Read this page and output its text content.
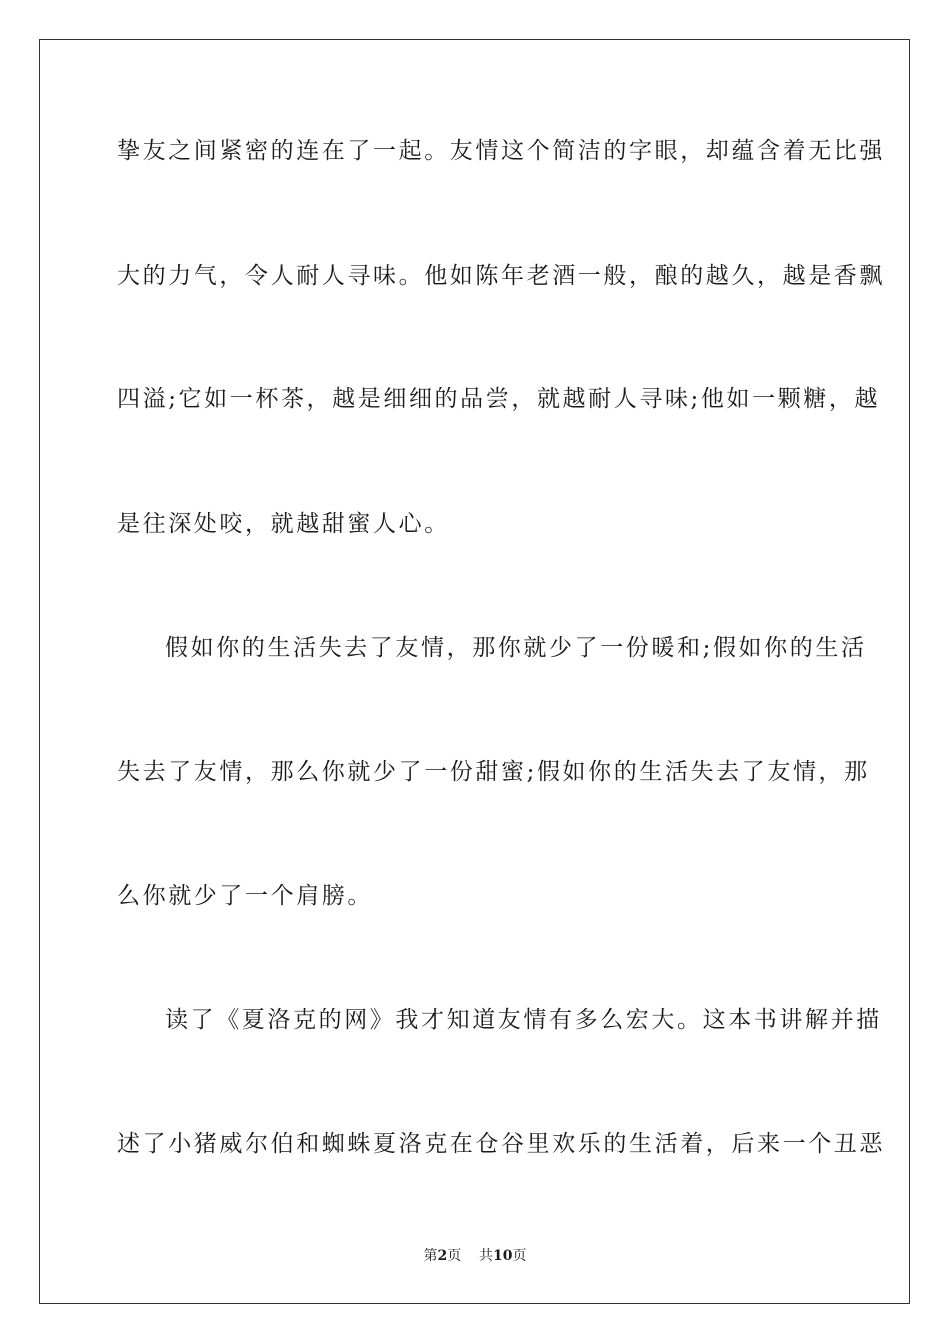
挚友之间紧密的连在了一起。友情这个简洁的字眼，却蕴含着无比强
大的力气，令人耐人寻味。他如陈年老酒一般，酿的越久，越是香飘
四溢;它如一杯茶，越是细细的品尝，就越耐人寻味;他如一颗糖，越
是往深处咬，就越甜蜜人心。
假如你的生活失去了友情，那你就少了一份暖和;假如你的生活
失去了友情，那么你就少了一份甜蜜;假如你的生活失去了友情，那
么你就少了一个肩膀。
读了《夏洛克的网》我才知道友情有多么宏大。这本书讲解并描
述了小猪威尔伯和蜘蛛夏洛克在仓谷里欢乐的生活着，后来一个丑恶
第2页 共10页
